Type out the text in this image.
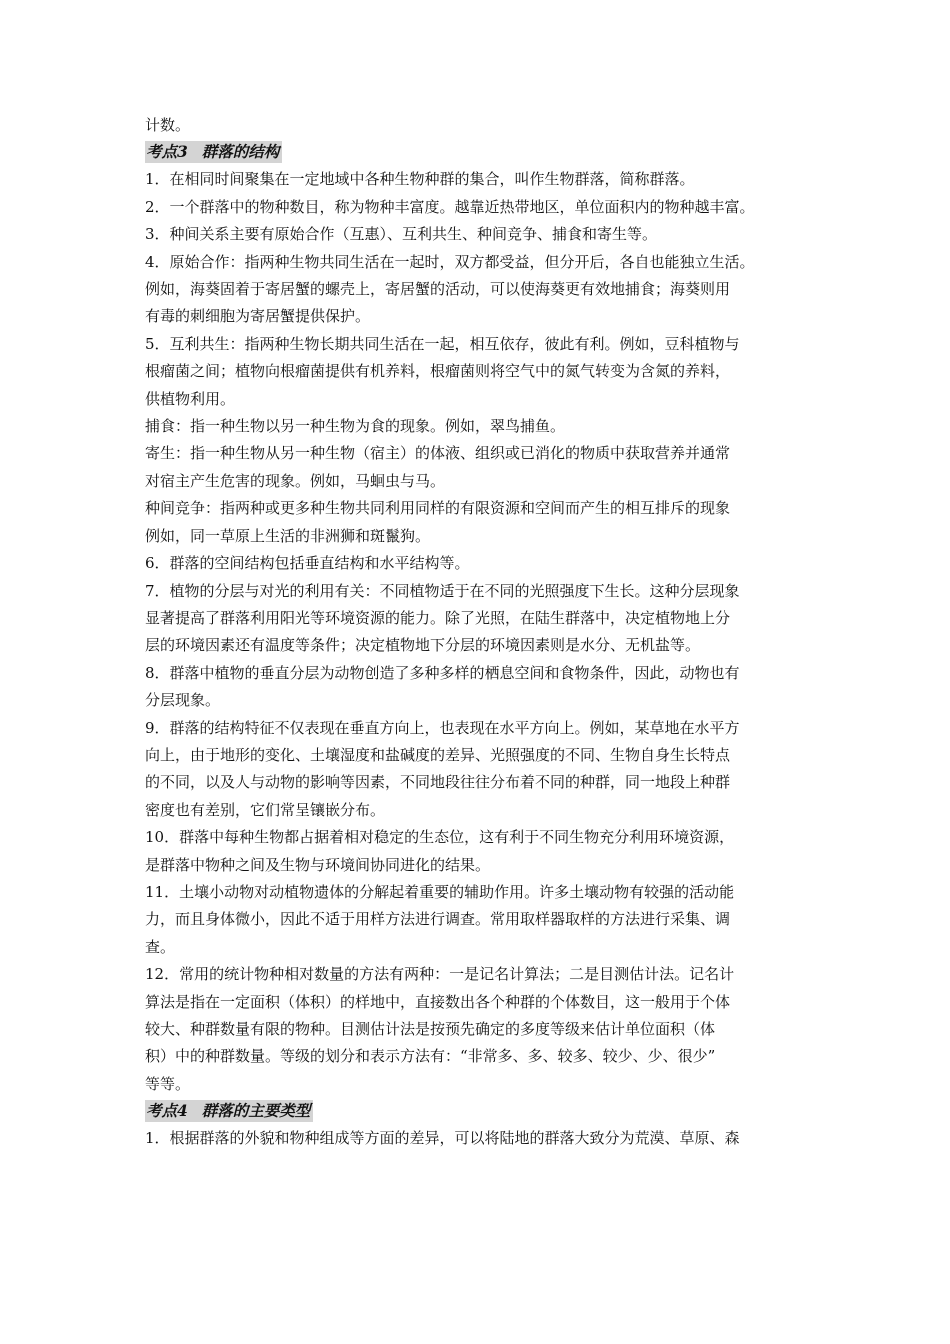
计数。
考点3 群落的结构
1．在相同时间聚集在一定地域中各种生物种群的集合，叫作生物群落，简称群落。
2．一个群落中的物种数目，称为物种丰富度。越靠近热带地区，单位面积内的物种越丰富。
3．种间关系主要有原始合作（互惠）、互利共生、种间竞争、捕食和寄生等。
4．原始合作：指两种生物共同生活在一起时，双方都受益，但分开后，各自也能独立生活。
例如，海葵固着于寄居蟹的螺壳上，寄居蟹的活动，可以使海葵更有效地捕食；海葵则用
有毒的刺细胞为寄居蟹提供保护。
5．互利共生：指两种生物长期共同生活在一起，相互依存，彼此有利。例如，豆科植物与
根瘤菌之间；植物向根瘤菌提供有机养料，根瘤菌则将空气中的氮气转变为含氮的养料，
供植物利用。
捕食：指一种生物以另一种生物为食的现象。例如，翠鸟捕鱼。
寄生：指一种生物从另一种生物（宿主）的体液、组织或已消化的物质中获取营养并通常
对宿主产生危害的现象。例如，马蛔虫与马。
种间竞争：指两种或更多种生物共同利用同样的有限资源和空间而产生的相互排斥的现象
例如，同一草原上生活的非洲狮和斑鬣狗。
6．群落的空间结构包括垂直结构和水平结构等。
7．植物的分层与对光的利用有关：不同植物适于在不同的光照强度下生长。这种分层现象
显著提高了群落利用阳光等环境资源的能力。除了光照，在陆生群落中，决定植物地上分
层的环境因素还有温度等条件；决定植物地下分层的环境因素则是水分、无机盐等。
8．群落中植物的垂直分层为动物创造了多种多样的栖息空间和食物条件，因此，动物也有
分层现象。
9．群落的结构特征不仅表现在垂直方向上，也表现在水平方向上。例如，某草地在水平方
向上，由于地形的变化、土壤湿度和盐碱度的差异、光照强度的不同、生物自身生长特点
的不同，以及人与动物的影响等因素，不同地段往往分布着不同的种群，同一地段上种群
密度也有差别，它们常呈镶嵌分布。
10．群落中每种生物都占据着相对稳定的生态位，这有利于不同生物充分利用环境资源，
是群落中物种之间及生物与环境间协同进化的结果。
11．土壤小动物对动植物遗体的分解起着重要的辅助作用。许多土壤动物有较强的活动能
力，而且身体微小，因此不适于用样方法进行调查。常用取样器取样的方法进行采集、调
查。
12．常用的统计物种相对数量的方法有两种：一是记名计算法；二是目测估计法。记名计
算法是指在一定面积（体积）的样地中，直接数出各个种群的个体数目，这一般用于个体
较大、种群数量有限的物种。目测估计法是按预先确定的多度等级来估计单位面积（体
积）中的种群数量。等级的划分和表示方法有：“非常多、多、较多、较少、少、很少”
等等。
考点4 群落的主要类型
1．根据群落的外貌和物种组成等方面的差异，可以将陆地的群落大致分为荒漠、草原、森
